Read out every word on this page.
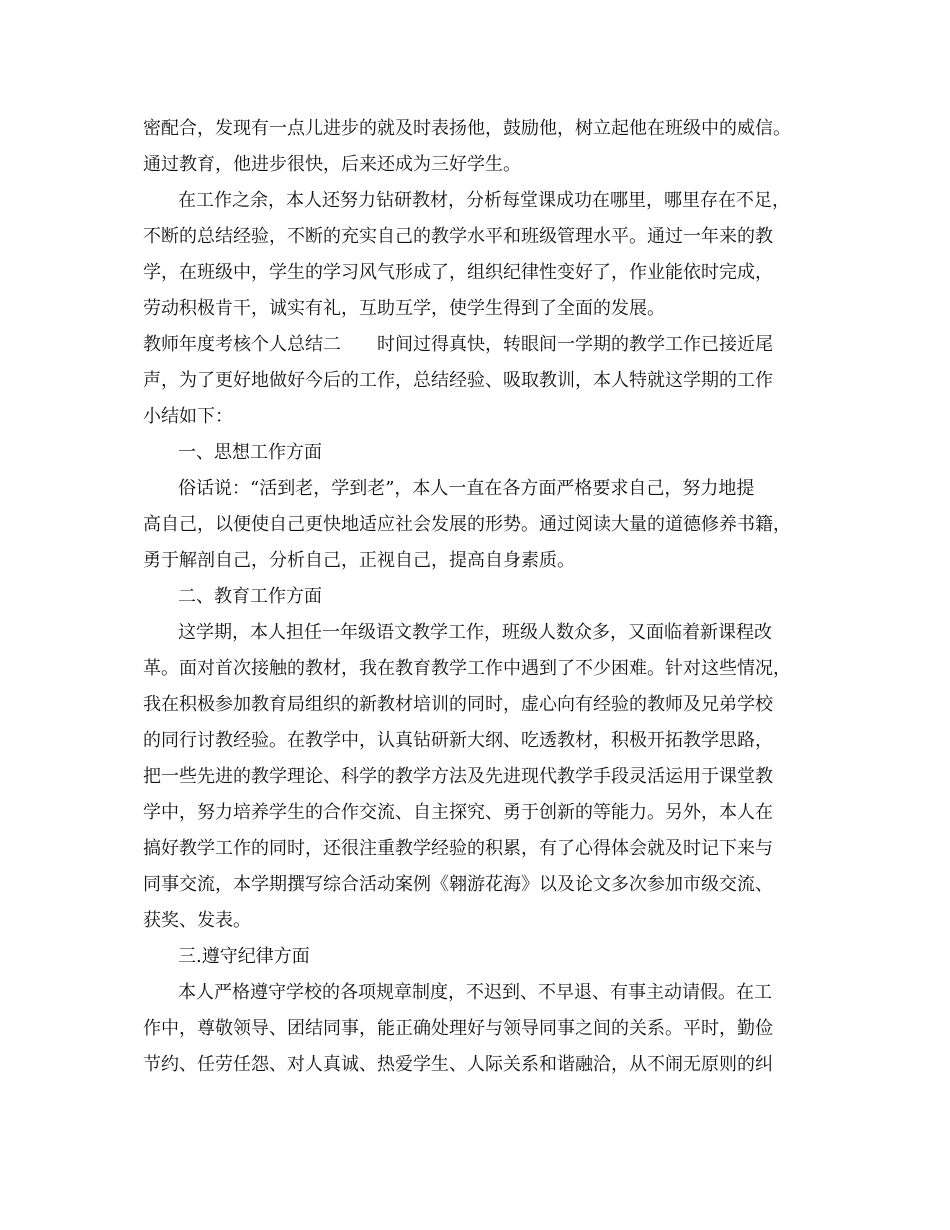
密配合，发现有一点儿进步的就及时表扬他，鼓励他，树立起他在班级中的威信。
通过教育，他进步很快，后来还成为三好学生。
在工作之余，本人还努力钻研教材，分析每堂课成功在哪里，哪里存在不足，
不断的总结经验，不断的充实自己的教学水平和班级管理水平。通过一年来的教
学，在班级中，学生的学习风气形成了，组织纪律性变好了，作业能依时完成，
劳动积极肯干，诚实有礼，互助互学，使学生得到了全面的发展。
教师年度考核个人总结二　　时间过得真快，转眼间一学期的教学工作已接近尾
声，为了更好地做好今后的工作，总结经验、吸取教训，本人特就这学期的工作
小结如下：
一、思想工作方面
俗话说：“活到老，学到老”，本人一直在各方面严格要求自己，努力地提
高自己，以便使自己更快地适应社会发展的形势。通过阅读大量的道德修养书籍，
勇于解剖自己，分析自己，正视自己，提高自身素质。
二、教育工作方面
这学期，本人担任一年级语文教学工作，班级人数众多，又面临着新课程改
革。面对首次接触的教材，我在教育教学工作中遇到了不少困难。针对这些情况，
我在积极参加教育局组织的新教材培训的同时，虚心向有经验的教师及兄弟学校
的同行讨教经验。在教学中，认真钻研新大纲、吃透教材，积极开拓教学思路，
把一些先进的教学理论、科学的教学方法及先进现代教学手段灵活运用于课堂教
学中，努力培养学生的合作交流、自主探究、勇于创新的等能力。另外，本人在
搞好教学工作的同时，还很注重教学经验的积累，有了心得体会就及时记下来与
同事交流，本学期撰写综合活动案例《翱游花海》以及论文多次参加市级交流、
获奖、发表。
三.遵守纪律方面
本人严格遵守学校的各项规章制度，不迟到、不早退、有事主动请假。在工
作中，尊敬领导、团结同事，能正确处理好与领导同事之间的关系。平时，勤俭
节约、任劳任怨、对人真诚、热爱学生、人际关系和谐融洽，从不闹无原则的纠
